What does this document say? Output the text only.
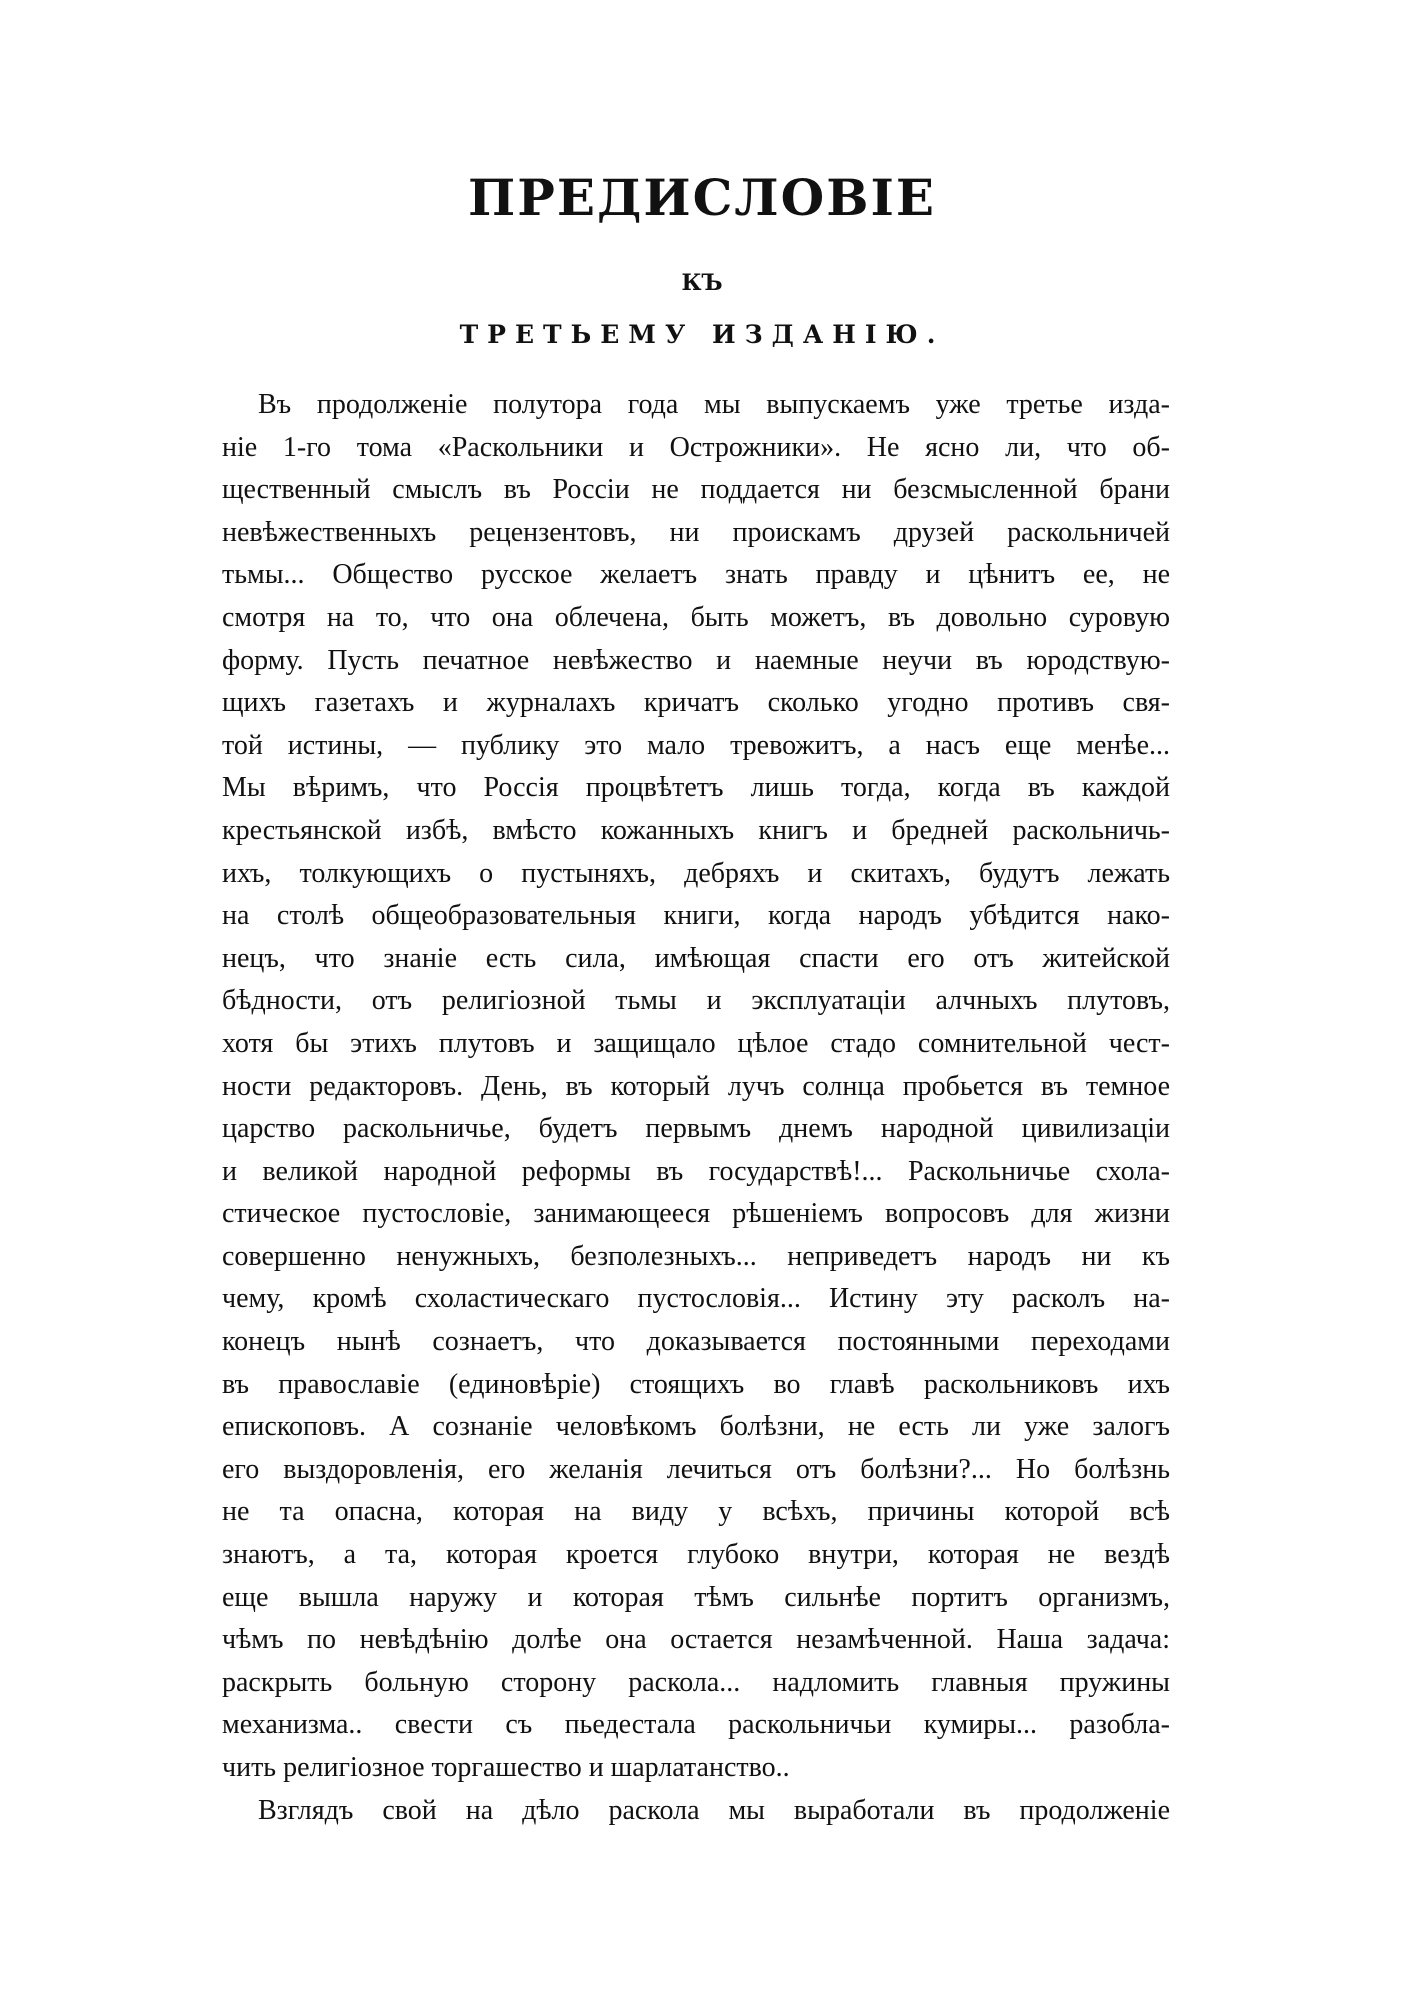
ПРЕДИСЛОВІЕ
КЪ
ТРЕТЬЕМУ ИЗДАНІЮ.
Въ продолженіе полутора года мы выпускаемъ уже третье изда-
ніе 1-го тома «Раскольники и Острожники». Не ясно ли, что об-
щественный смыслъ въ Россіи не поддается ни безсмысленной брани
невѣжественныхъ рецензентовъ, ни проискамъ друзей раскольничей
тьмы... Общество русское желаетъ знать правду и цѣнитъ ее, не
смотря на то, что она облечена, быть можетъ, въ довольно суровую
форму. Пусть печатное невѣжество и наемные неучи въ юродствую-
щихъ газетахъ и журналахъ кричатъ сколько угодно противъ свя-
той истины, — публику это мало тревожитъ, а насъ еще менѣе...
Мы вѣримъ, что Россія процвѣтетъ лишь тогда, когда въ каждой
крестьянской избѣ, вмѣсто кожанныхъ книгъ и бредней раскольничь-
ихъ, толкующихъ о пустыняхъ, дебряхъ и скитахъ, будутъ лежать
на столѣ общеобразовательныя книги, когда народъ убѣдится нако-
нецъ, что знаніе есть сила, имѣющая спасти его отъ житейской
бѣдности, отъ религіозной тьмы и эксплуатаціи алчныхъ плутовъ,
хотя бы этихъ плутовъ и защищало цѣлое стадо сомнительной чест-
ности редакторовъ. День, въ который лучъ солнца пробьется въ темное
царство раскольничье, будетъ первымъ днемъ народной цивилизаціи
и великой народной реформы въ государствѣ!... Раскольничье схола-
стическое пустословіе, занимающееся рѣшеніемъ вопросовъ для жизни
совершенно ненужныхъ, безполезныхъ... неприведетъ народъ ни къ
чему, кромѣ схоластическаго пустословія... Истину эту расколъ на-
конецъ нынѣ сознаетъ, что доказывается постоянными переходами
въ православіе (единовѣріе) стоящихъ во главѣ раскольниковъ ихъ
епископовъ. А сознаніе человѣкомъ болѣзни, не есть ли уже залогъ
его выздоровленія, его желанія лечиться отъ болѣзни?... Но болѣзнь
не та опасна, которая на виду у всѣхъ, причины которой всѣ
знаютъ, а та, которая кроется глубоко внутри, которая не вездѣ
еще вышла наружу и которая тѣмъ сильнѣе портитъ организмъ,
чѣмъ по невѣдѣнію долѣе она остается незамѣченной. Наша задача:
раскрыть больную сторону раскола... надломить главныя пружины
механизма.. свести съ пьедестала раскольничьи кумиры... разобла-
чить религіозное торгашество и шарлатанство..
Взглядъ свой на дѣло раскола мы выработали въ продолженіе
